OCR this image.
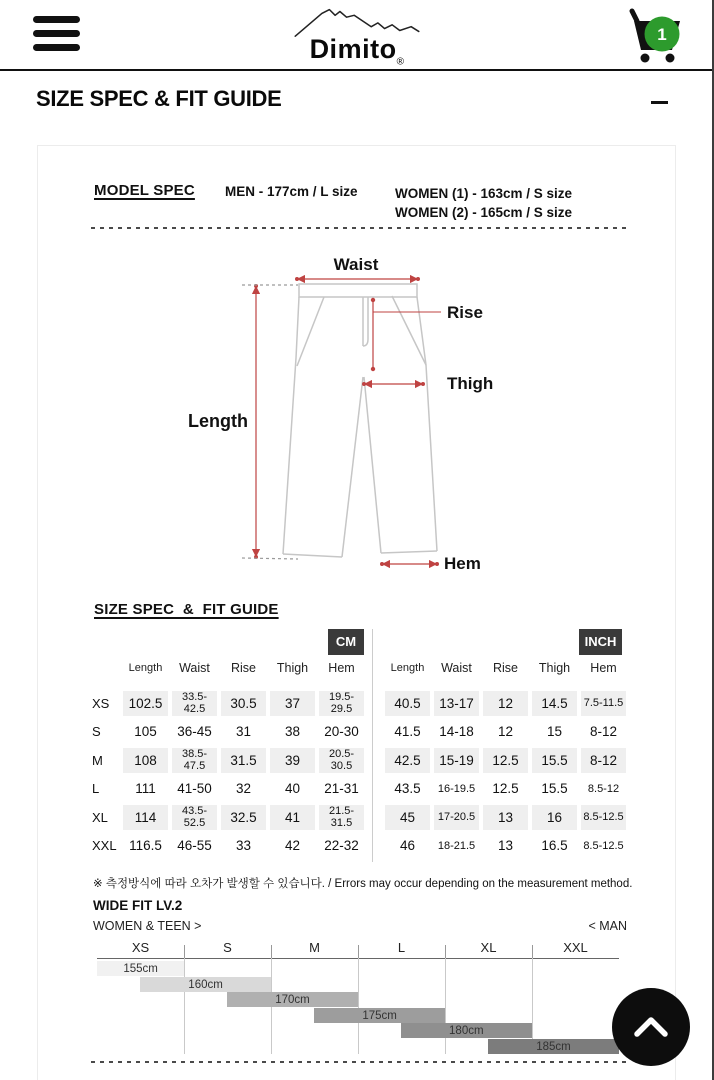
Dimito$_®$
1
SIZE SPEC & FIT GUIDE
MODEL SPEC MEN - 177cm / L size	WOMEN (1) - 163cm / S size
WOMEN (2) - 165cm / S size
Waist
Rise
Thigh
Length
Hem
SIZE SPEC  &  FIT GUIDE
CM	INCH
Length	Waist	Rise	Thigh	Hem	Length	Waist	Rise	Thigh	Hem
XS	102.5	33.5-42.5	30.5	37	19.5-29.5	40.5	13-17	12	14.5	7.5-11.5
S	105	36-45	31	38	20-30	41.5	14-18	12	15	8-12
M	108	38.5-47.5	31.5	39	20.5-30.5	42.5	15-19	12.5	15.5	8-12
L	111	41-50	32	40	21-31	43.5	16-19.5	12.5	15.5	8.5-12
XL	114	43.5-52.5	32.5	41	21.5-31.5	45	17-20.5	13	16	8.5-12.5
XXL 116.5	46-55	33	42	22-32	46	18-21.5	13	16.5	8.5-12.5
※ 측정방식에 따라 오차가 발생할 수 있습니다. / Errors may occur depending on the measurement method.
WIDE FIT LV.2
WOMEN & TEEN >	< MAN
XS	S	M	L	XL	XXL
155cm
160cm
170cm
175cm
180cm
185cm
